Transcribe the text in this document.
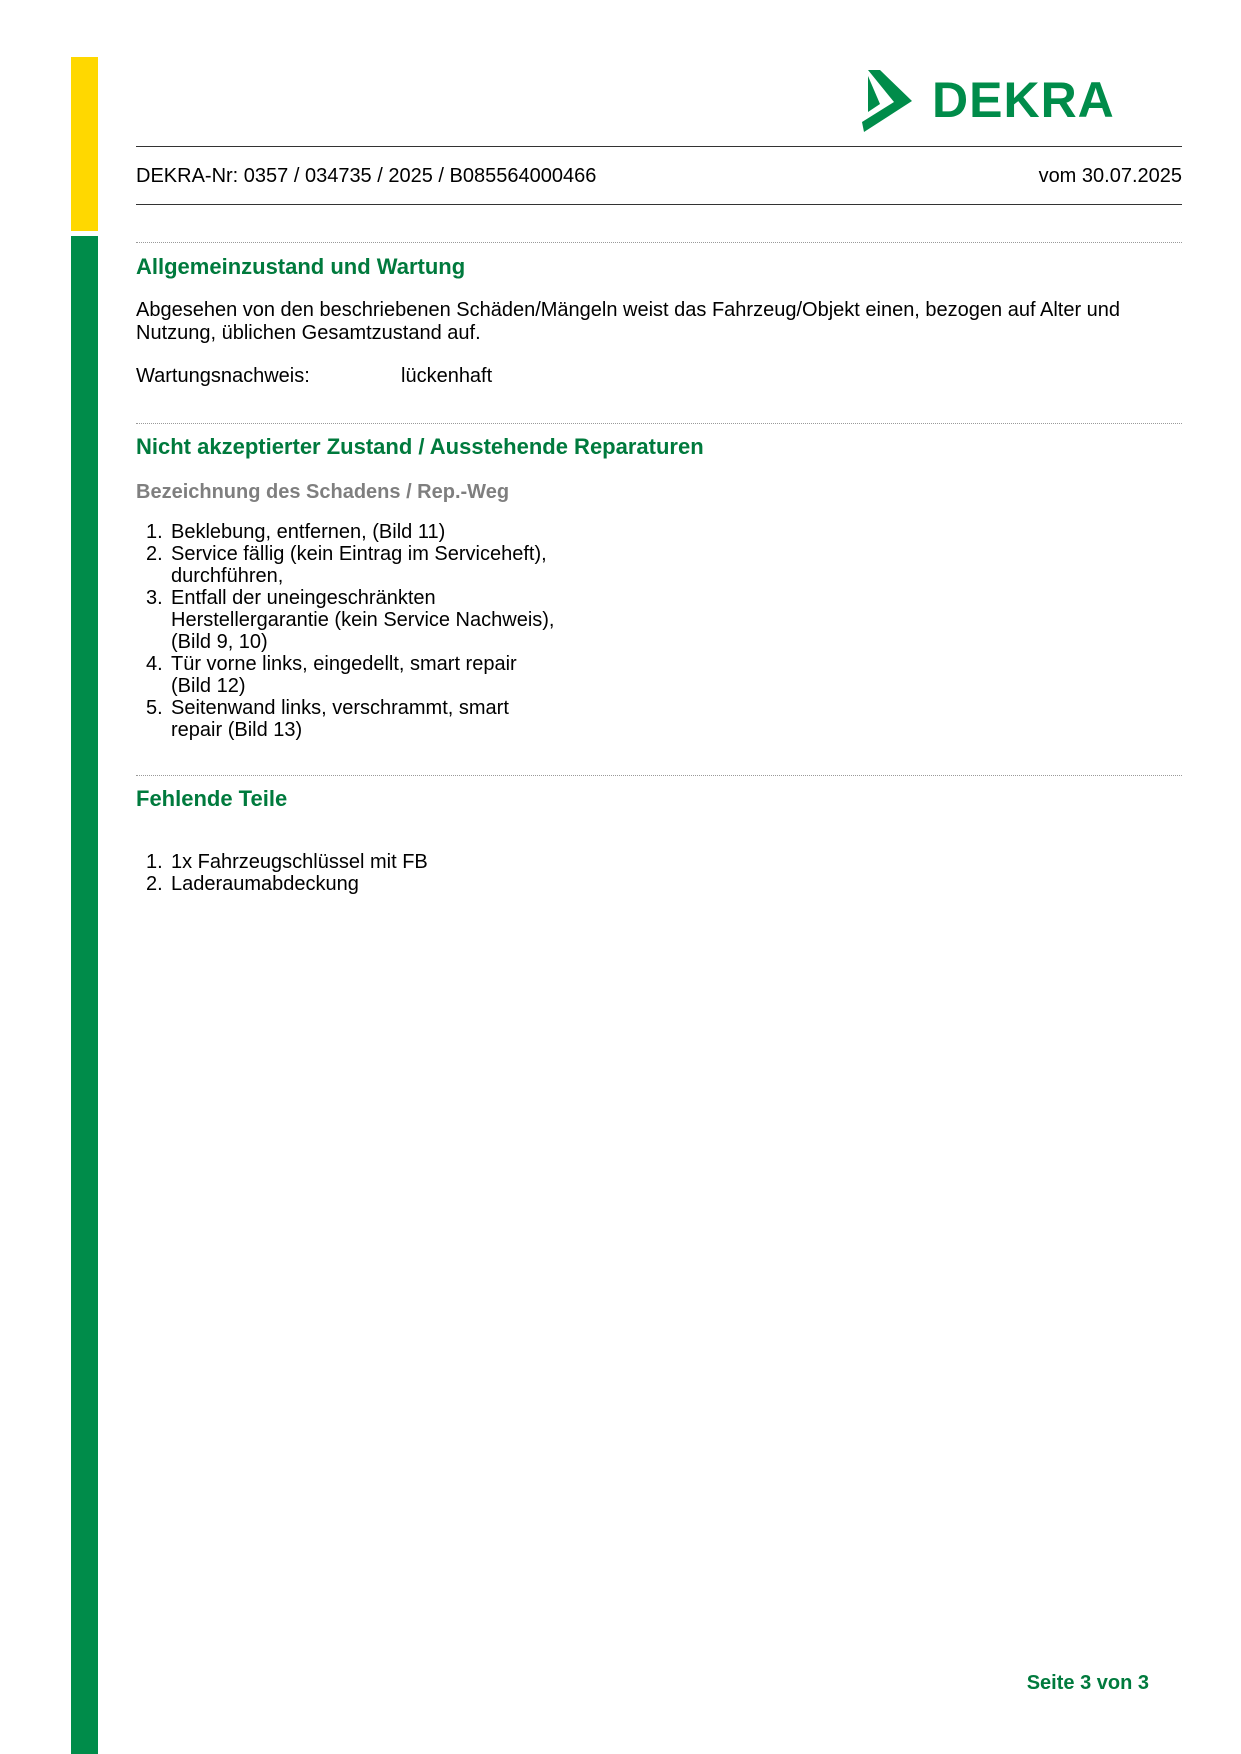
DEKRA
DEKRA-Nr: 0357 / 034735 / 2025 / B085564000466	vom 30.07.2025
Allgemeinzustand und Wartung
Abgesehen von den beschriebenen Schäden/Mängeln weist das Fahrzeug/Objekt einen, bezogen auf Alter und
Nutzung, üblichen Gesamtzustand auf.
Wartungsnachweis:	lückenhaft
Nicht akzeptierter Zustand / Ausstehende Reparaturen
Bezeichnung des Schadens / Rep.-Weg
1. Beklebung, entfernen, (Bild 11)
2. Service fällig (kein Eintrag im Serviceheft),
durchführen,
3. Entfall der uneingeschränkten
Herstellergarantie (kein Service Nachweis),
(Bild 9, 10)
4. Tür vorne links, eingedellt, smart repair
(Bild 12)
5. Seitenwand links, verschrammt, smart
repair (Bild 13)
Fehlende Teile
1. 1x Fahrzeugschlüssel mit FB
2. Laderaumabdeckung
Seite 3 von 3
